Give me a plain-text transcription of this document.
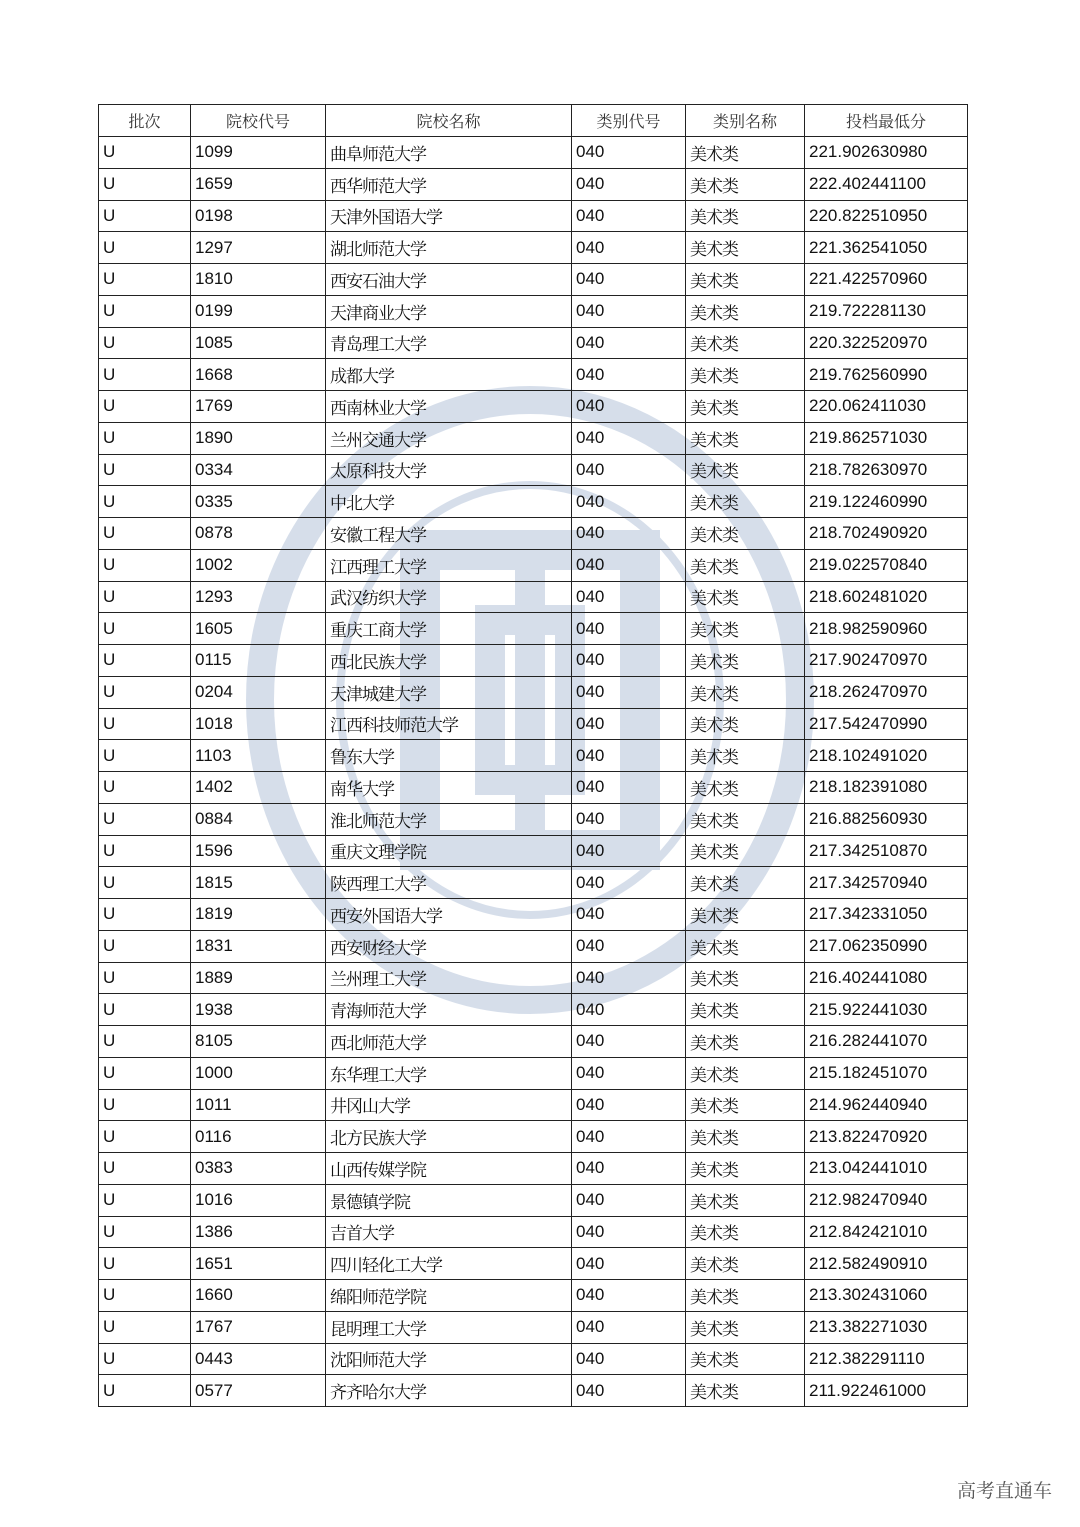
批次	院校代号	院校名称	类别代号	类别名称	投档最低分
U	1099	曲阜师范大学	040	美术类	221.902630980
U	1659	西华师范大学	040	美术类	222.402441100
U	0198	天津外国语大学	040	美术类	220.822510950
U	1297	湖北师范大学	040	美术类	221.362541050
U	1810	西安石油大学	040	美术类	221.422570960
U	0199	天津商业大学	040	美术类	219.722281130
U	1085	青岛理工大学	040	美术类	220.322520970
U	1668	成都大学	040	美术类	219.762560990
U	1769	西南林业大学	040	美术类	220.062411030
U	1890	兰州交通大学	040	美术类	219.862571030
U	0334	太原科技大学	040	美术类	218.782630970
U	0335	中北大学	040	美术类	219.122460990
U	0878	安徽工程大学	040	美术类	218.702490920
U	1002	江西理工大学	040	美术类	219.022570840
U	1293	武汉纺织大学	040	美术类	218.602481020
U	1605	重庆工商大学	040	美术类	218.982590960
U	0115	西北民族大学	040	美术类	217.902470970
U	0204	天津城建大学	040	美术类	218.262470970
U	1018	江西科技师范大学	040	美术类	217.542470990
U	1103	鲁东大学	040	美术类	218.102491020
U	1402	南华大学	040	美术类	218.182391080
U	0884	淮北师范大学	040	美术类	216.882560930
U	1596	重庆文理学院	040	美术类	217.342510870
U	1815	陕西理工大学	040	美术类	217.342570940
U	1819	西安外国语大学	040	美术类	217.342331050
U	1831	西安财经大学	040	美术类	217.062350990
U	1889	兰州理工大学	040	美术类	216.402441080
U	1938	青海师范大学	040	美术类	215.922441030
U	8105	西北师范大学	040	美术类	216.282441070
U	1000	东华理工大学	040	美术类	215.182451070
U	1011	井冈山大学	040	美术类	214.962440940
U	0116	北方民族大学	040	美术类	213.822470920
U	0383	山西传媒学院	040	美术类	213.042441010
U	1016	景德镇学院	040	美术类	212.982470940
U	1386	吉首大学	040	美术类	212.842421010
U	1651	四川轻化工大学	040	美术类	212.582490910
U	1660	绵阳师范学院	040	美术类	213.302431060
U	1767	昆明理工大学	040	美术类	213.382271030
U	0443	沈阳师范大学	040	美术类	212.382291110
U	0577	齐齐哈尔大学	040	美术类	211.922461000
高考直通车
